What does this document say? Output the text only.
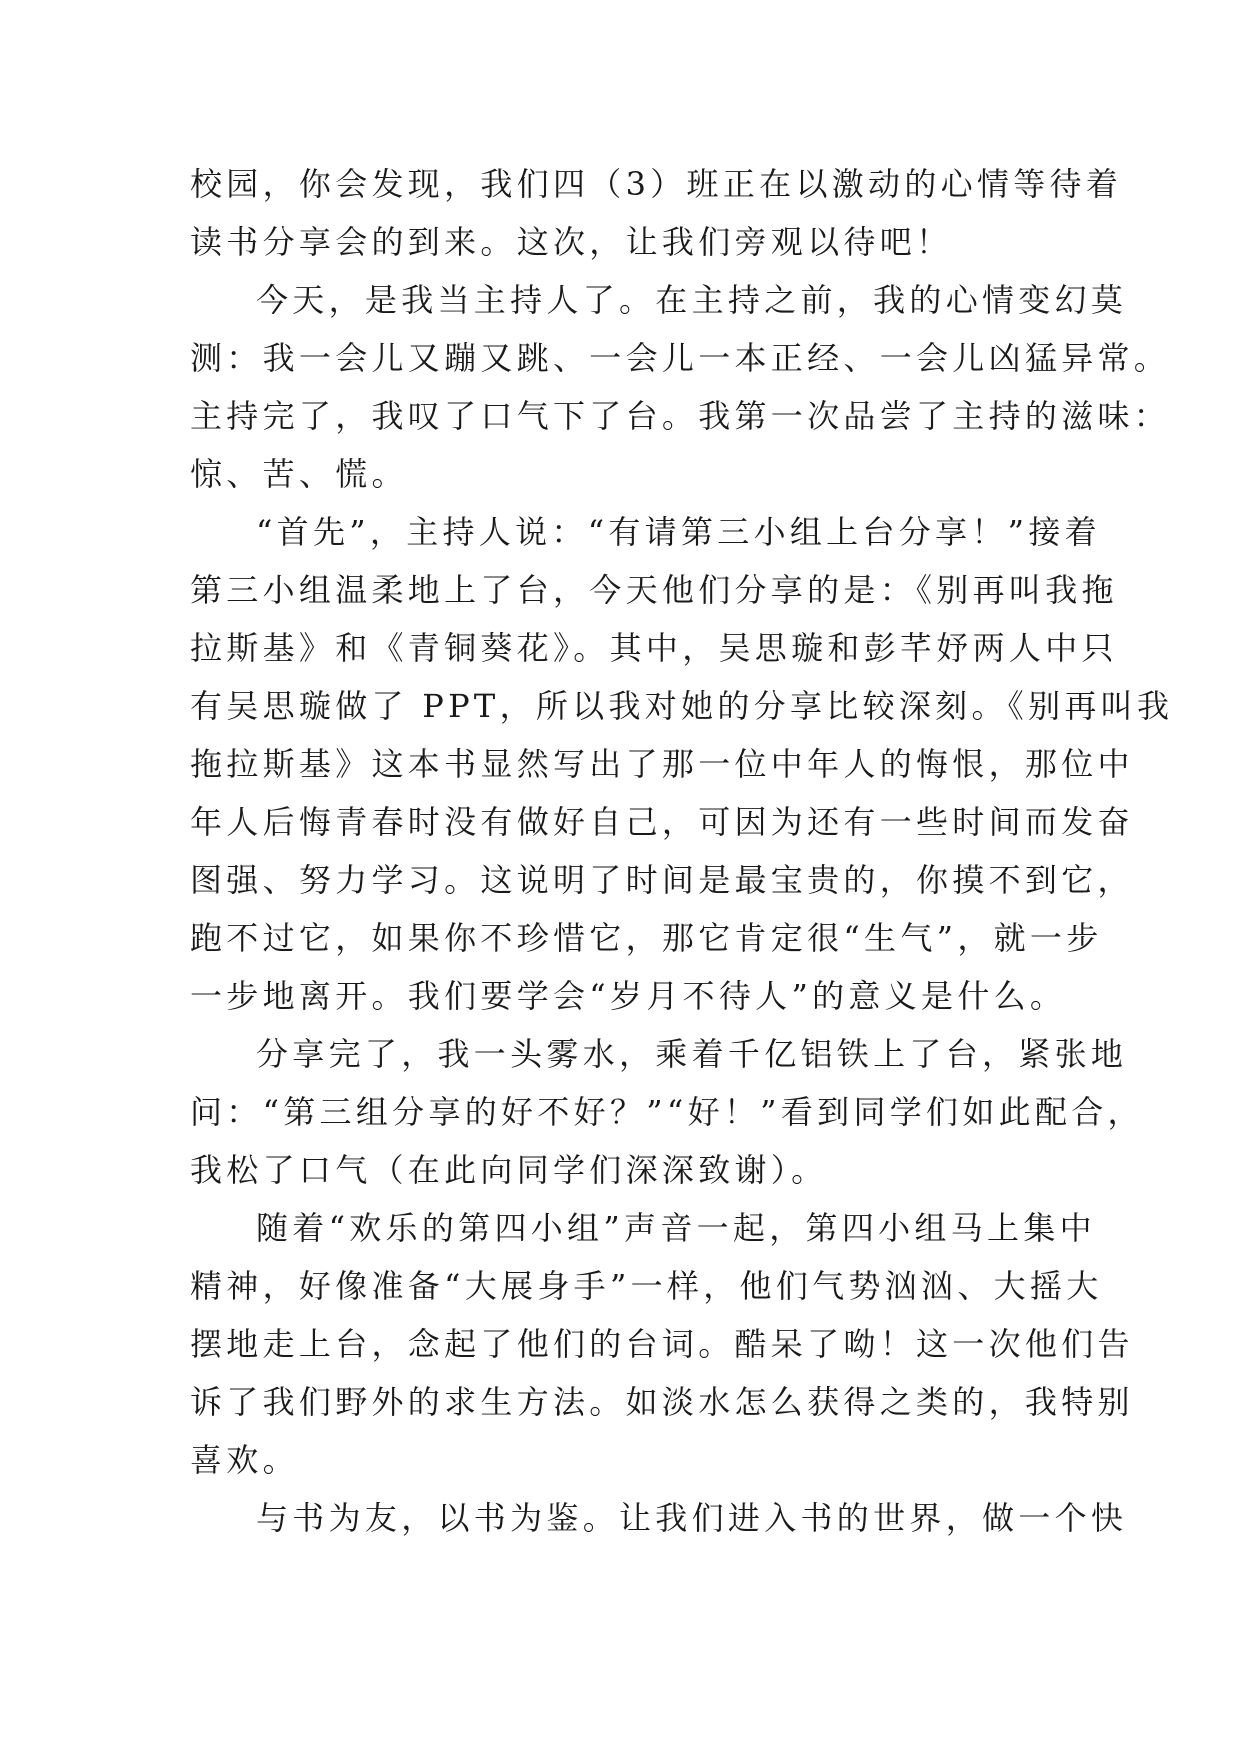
校园，你会发现，我们四（3）班正在以激动的心情等待着
读书分享会的到来。这次，让我们旁观以待吧！
今天，是我当主持人了。在主持之前，我的心情变幻莫
测：我一会儿又蹦又跳、一会儿一本正经、一会儿凶猛异常。
主持完了，我叹了口气下了台。我第一次品尝了主持的滋味：
惊、苦、慌。
“首先”，主持人说：“有请第三小组上台分享！”接着
第三小组温柔地上了台，今天他们分享的是：《别再叫我拖
拉斯基》和《青铜葵花》。其中，吴思璇和彭芊妤两人中只
有吴思璇做了 PPT，所以我对她的分享比较深刻。《别再叫我
拖拉斯基》这本书显然写出了那一位中年人的悔恨，那位中
年人后悔青春时没有做好自己，可因为还有一些时间而发奋
图强、努力学习。这说明了时间是最宝贵的，你摸不到它，
跑不过它，如果你不珍惜它，那它肯定很“生气”，就一步
一步地离开。我们要学会“岁月不待人”的意义是什么。
分享完了，我一头雾水，乘着千亿铝铁上了台，紧张地
问：“第三组分享的好不好？”“好！”看到同学们如此配合，
我松了口气（在此向同学们深深致谢）。
随着“欢乐的第四小组”声音一起，第四小组马上集中
精神，好像准备“大展身手”一样，他们气势汹汹、大摇大
摆地走上台，念起了他们的台词。酷呆了呦！这一次他们告
诉了我们野外的求生方法。如淡水怎么获得之类的，我特别
喜欢。
与书为友，以书为鉴。让我们进入书的世界，做一个快
